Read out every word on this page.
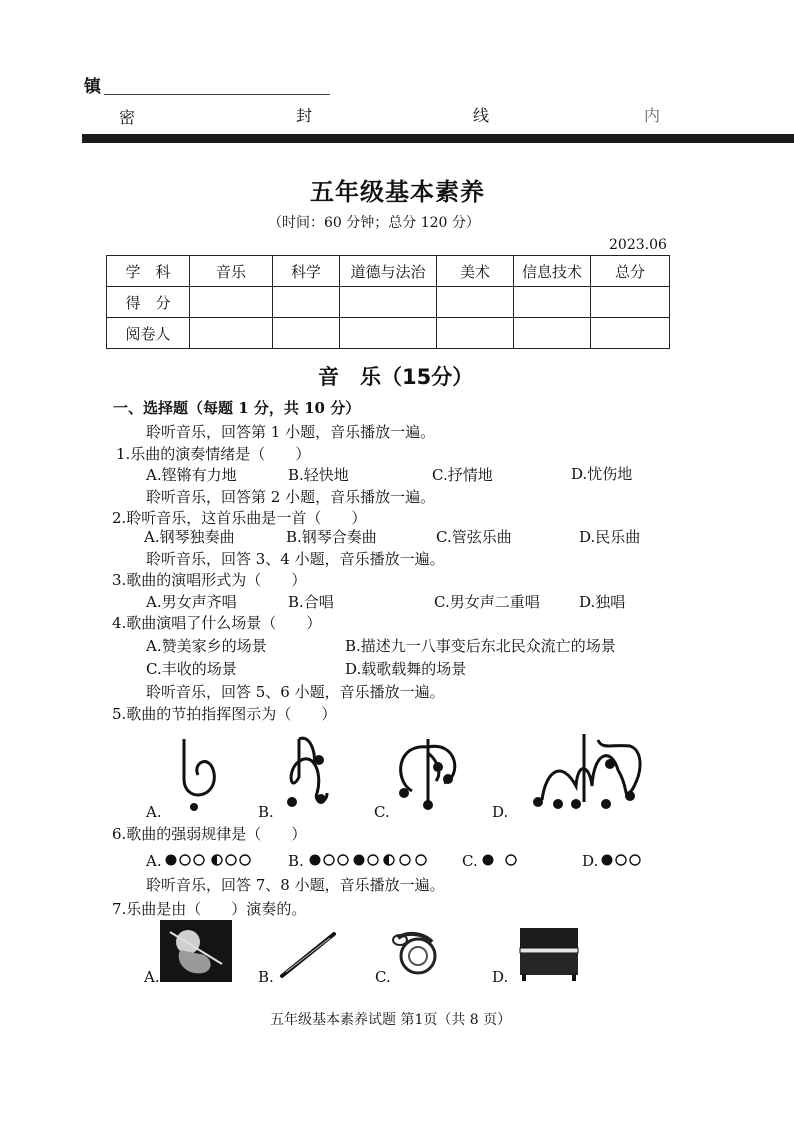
镇
密	封	线	内
五年级基本素养
（时间：60 分钟；总分 120 分）
2023.06
学　科	音乐	科学	道德与法治	美术	信息技术	总分
得　分						
阅卷人						
音　乐（15分）
一、选择题（每题 1 分，共 10 分）
聆听音乐，回答第 1 小题，音乐播放一遍。
1.乐曲的演奏情绪是（　　）
A.铿锵有力地	B.轻快地	C.抒情地	D.忧伤地
聆听音乐，回答第 2 小题，音乐播放一遍。
2.聆听音乐，这首乐曲是一首（　　）
A.钢琴独奏曲	B.钢琴合奏曲	C.管弦乐曲	D.民乐曲
聆听音乐，回答 3、4 小题，音乐播放一遍。
3.歌曲的演唱形式为（　　）
A.男女声齐唱	B.合唱	C.男女声二重唱	D.独唱
4.歌曲演唱了什么场景（　　）
A.赞美家乡的场景	B.描述九一八事变后东北民众流亡的场景
C.丰收的场景	D.载歌载舞的场景
聆听音乐，回答 5、6 小题，音乐播放一遍。
5.歌曲的节拍指挥图示为（　　）
A.	B.	C.	D.
6.歌曲的强弱规律是（　　）
A.	B.	C.	D.
聆听音乐，回答 7、8 小题，音乐播放一遍。
7.乐曲是由（　　）演奏的。
A.	B.	C.	D.
五年级基本素养试题 第1页（共 8 页）
